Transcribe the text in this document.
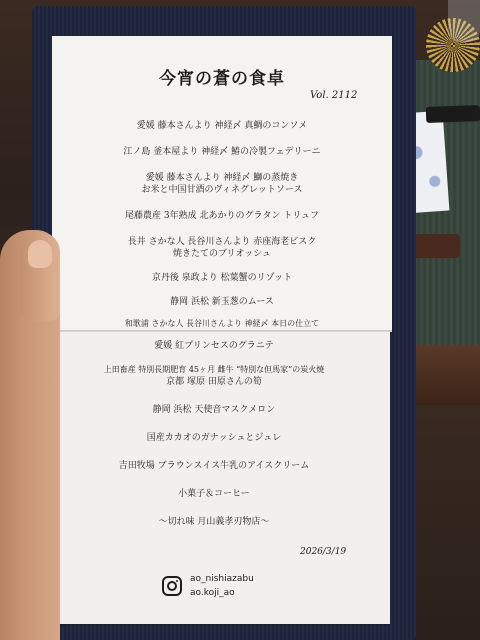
今宵の蒼の食卓
Vol. 2112
愛媛 藤本さんより 神経〆 真鯛のコンソメ
江ノ島 釜本屋より 神経〆 鰆の冷製フェデリーニ
愛媛 藤本さんより 神経〆 鰤の蒸焼き
お米と中国甘酒のヴィネグレットソース
尾藤農産 3年熟成 北あかりのグラタン トリュフ
長井 さかな人 長谷川さんより 赤座海老ビスク
焼きたてのブリオッシュ
京丹後 泉政より 松葉蟹のリゾット
静岡 浜松 新玉葱のムース
和歌浦 さかな人 長谷川さんより 神経〆 本日の仕立て
愛媛 紅プリンセスのグラニテ
上田畜産 特別長期肥育 45ヶ月 雌牛 “特別な但馬家”の炭火焼
京都 塚原 田原さんの筍
静岡 浜松 天使音マスクメロン
国産カカオのガナッシュとジュレ
吉田牧場 ブラウンスイス牛乳のアイスクリーム
小菓子＆コーヒー
〜切れ味 月山義孝刃物店〜
2026/3/19
ao_nishiazabu
ao.koji_ao
